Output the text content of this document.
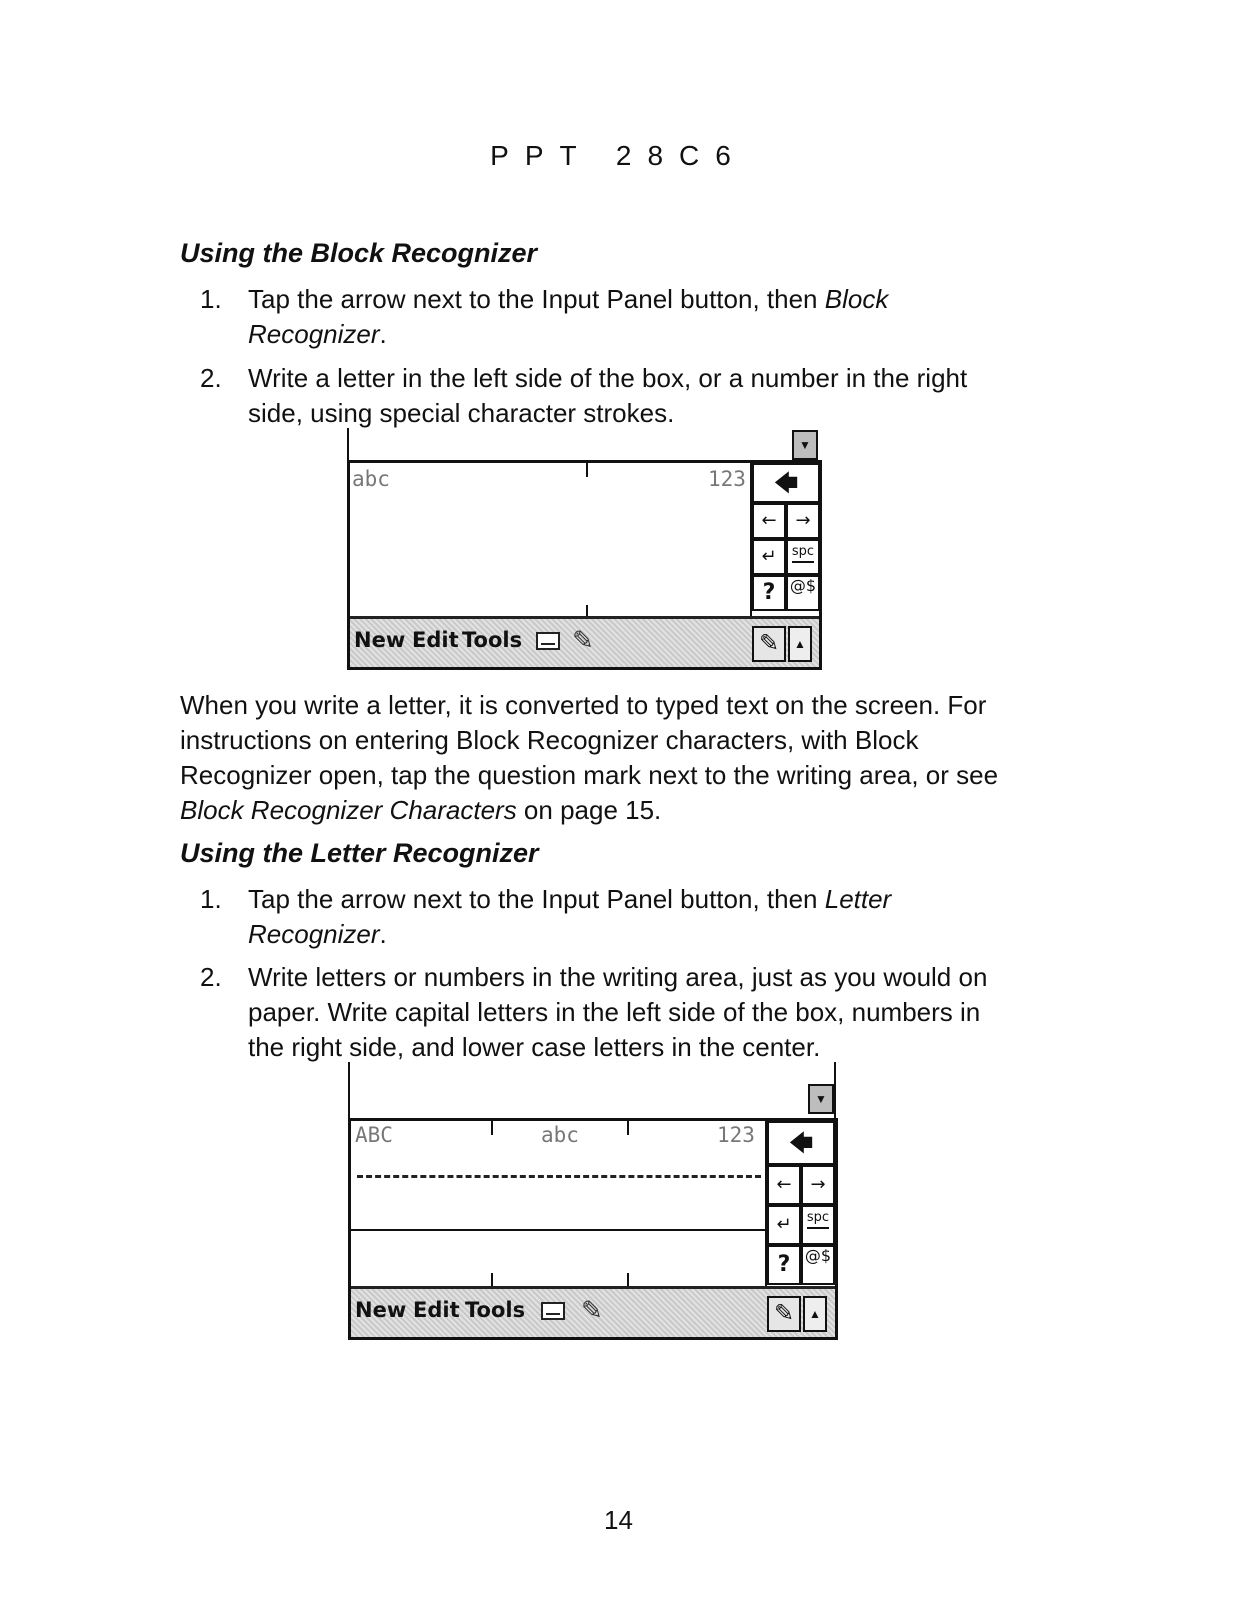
PPT 28C6
Using the Block Recognizer
1.	Tap the arrow next to the Input Panel button, then Block Recognizer.
2.	Write a letter in the left side of the box, or a number in the right side, using special character strokes.
▼
abc	123	🡄
←	→
↵	spc
? @$
New Edit Tools ✎	✎	▲
When you write a letter, it is converted to typed text on the screen. For instructions on entering Block Recognizer characters, with Block Recognizer open, tap the question mark next to the writing area, or see Block Recognizer Characters on page 15.
Using the Letter Recognizer
1.	Tap the arrow next to the Input Panel button, then Letter Recognizer.
2.	Write letters or numbers in the writing area, just as you would on paper. Write capital letters in the left side of the box, numbers in the right side, and lower case letters in the center.
▼
ABC	abc	123	🡄
←	→
↵	spc
? @$
New Edit Tools ✎	✎	▲
14
